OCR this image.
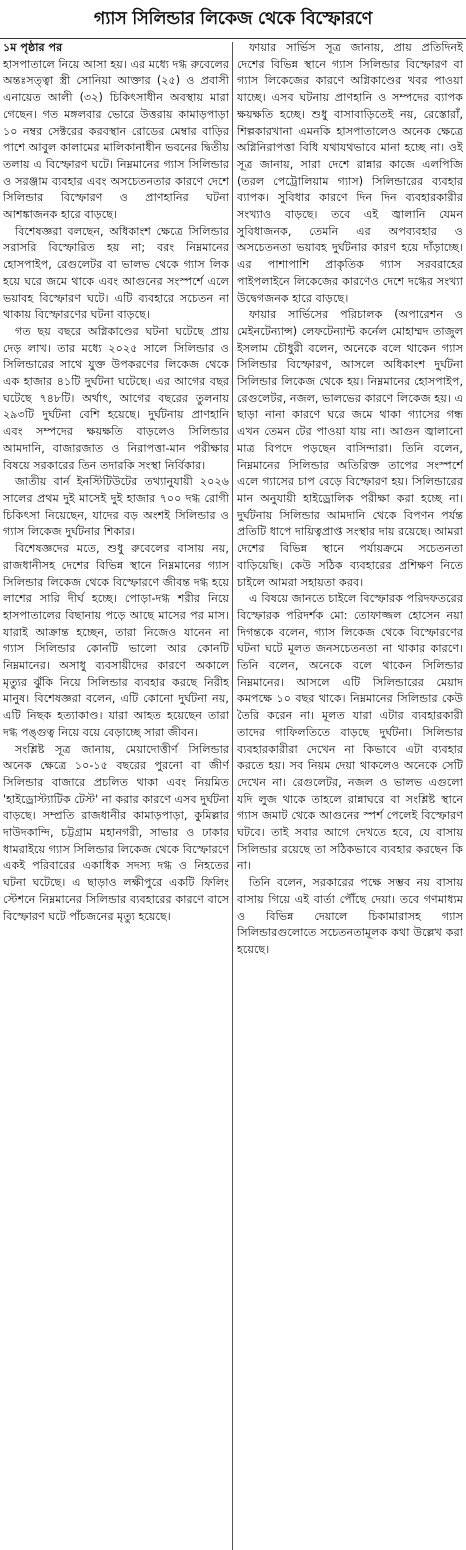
গ্যাস সিলিন্ডার লিকেজ থেকে বিস্ফোরণে

১ম পৃষ্ঠার পর

হাসপাতালে নিয়ে আসা হয়। এর মধ্যে দগ্ধ রুবেলের অন্তঃসত্ত্বা স্ত্রী সোনিয়া আক্তার (২৫) ও প্রবাসী এনায়েত আলী (৩২) চিকিৎসাধীন অবস্থায় মারা গেছেন। গত মঙ্গলবার ভোরে উত্তরায় কামাড়পাড়া ১০ নম্বর সেক্টরের করবস্থান রোডের মেম্বার বাড়ির পাশে আবুল কালামের মালিকানাধীন ভবনের দ্বিতীয় তলায় এ বিস্ফোরণ ঘটে। নিম্নমানের গ্যাস সিলিন্ডার ও সরঞ্জাম ব্যবহার এবং অসচেতনতার কারণে দেশে সিলিন্ডার বিস্ফোরণ ও প্রাণহানির ঘটনা আশঙ্কাজনক হারে বাড়ছে।

বিশেষজ্ঞরা বলছেন, অধিকাংশ ক্ষেত্রে সিলিন্ডার সরাসরি বিস্ফোরিত হয় না; বরং নিম্নমানের হোসপাইপ, রেগুলেটর বা ভালভ থেকে গ্যাস লিক হয়ে ঘরে জমে থাকে এবং আগুনের সংস্পর্শে এলে ভয়াবহ বিস্ফোরণ ঘটে। এটি ব্যবহারে সচেতন না থাকায় বিস্ফোরণের ঘটনা বাড়ছে।

গত ছয় বছরে অগ্নিকাণ্ডের ঘটনা ঘটেছে প্রায় দেড় লাখ। তার মধ্যে ২০২৫ সালে সিলিন্ডার ও সিলিন্ডারের সাথে যুক্ত উপকরণের লিকেজ থেকে এক হাজার ৪১টি দুর্ঘটনা ঘটেছে। এর আগের বছর ঘটেছে ৭৪৮টি। অর্থাৎ, আগের বছরের তুলনায় ২৯৩টি দুর্ঘটনা বেশি হয়েছে। দুর্ঘটনায় প্রাণহানি এবং সম্পদের ক্ষয়ক্ষতি বাড়লেও সিলিন্ডার আমদানি, বাজারজাত ও নিরাপত্তা-মান পরীক্ষার বিষয়ে সরকারের তিন তদারকি সংস্থা নির্বিকার।

জাতীয় বার্ন ইনস্টিটিউটের তথ্যানুযায়ী ২০২৬ সালের প্রথম দুই মাসেই দুই হাজার ৭০০ দগ্ধ রোগী চিকিৎসা নিয়েছেন, যাদের বড় অংশই সিলিন্ডার ও গ্যাস লিকেজ দুর্ঘটনার শিকার।

বিশেষজ্ঞদের মতে, শুধু রুবেলের বাসায় নয়, রাজধানীসহ দেশের বিভিন্ন স্থানে নিম্নমানের গ্যাস সিলিন্ডার লিকেজ থেকে বিস্ফোরণে জীবন্ত দগ্ধ হয়ে লাশের সারি দীর্ঘ হচ্ছে। পোড়া-দগ্ধ শরীর নিয়ে হাসপাতালের বিছানায় পড়ে আছে মাসের পর মাস। যারাই আক্রান্ত হচ্ছেন, তারা নিজেও যানেন না গ্যাস সিলিন্ডার কোনটি ভালো আর কোনটি নিম্নমানের। অসাধু ব্যবসায়ীদের কারণে অকালে মৃত্যুর ঝুঁকি নিয়ে সিলিন্ডার ব্যবহার করছে নিরীহ মানুষ। বিশেষজ্ঞরা বলেন, এটি কোনো দুর্ঘটনা নয়, এটি নিছক হত্যাকাণ্ড। যারা আহত হয়েছেন তারা দগ্ধ পঙ্গুত্ব নিয়ে বয়ে বেড়াচ্ছে সারা জীবন।

সংশ্লিষ্ট সূত্র জানায়, মেয়াদোত্তীর্ণ সিলিন্ডার অনেক ক্ষেত্রে ১০-১৫ বছরের পুরনো বা জীর্ণ সিলিন্ডার বাজারে প্রচলিত থাকা এবং নিয়মিত 'হাইড্রোস্ট্যাটিক টেস্ট' না করার কারণে এসব দুর্ঘটনা বাড়ছে। সম্প্রতি রাজধানীর কামাড়পাড়া, কুমিল্লার দাউদকান্দি, চট্টগ্রাম মহানগরী, সাভার ও ঢাকার ধামরাইয়ে গ্যাস সিলিন্ডার লিকেজ থেকে বিস্ফোরণে একই পরিবারের একাধিক সদস্য দগ্ধ ও নিহতের ঘটনা ঘটেছে। এ ছাড়াও লক্ষীপুরে একটি ফিলিং স্টেশনে নিম্নমানের সিলিন্ডার ব্যবহারের কারণে বাসে বিস্ফোরণ ঘটে পাঁচজনের মৃত্যু হয়েছে।

ফায়ার সার্ভিস সূত্র জানায়, প্রায় প্রতিদিনই দেশের বিভিন্ন স্থানে গ্যাস সিলিন্ডার বিস্ফোরণ বা গ্যাস লিকেজের কারণে অগ্নিকাণ্ডের খবর পাওয়া যাচ্ছে। এসব ঘটনায় প্রাণহানি ও সম্পদের ব্যাপক ক্ষয়ক্ষতি হচ্ছে। শুধু বাসাবাড়িতেই নয়, রেস্তোরাঁ, শিল্পকারখানা এমনকি হাসপাতালেও অনেক ক্ষেত্রে অগ্নিনিরাপত্তা বিধি যথাযথভাবে মানা হচ্ছে না। ওই সূত্র জানায়, সারা দেশে রান্নার কাজে এলপিজি (তরল পেট্রোলিয়াম গ্যাস) সিলিন্ডারের ব্যবহার ব্যাপক। সুবিধার কারণে দিন দিন ব্যবহারকারীর সংখ্যাও বাড়ছে। তবে এই জ্বালানি যেমন সুবিধাজনক, তেমনি এর অপব্যবহার ও অসচেতনতা ভয়াবহ দুর্ঘটনার কারণ হয়ে দাঁড়াচ্ছে। এর পাশাপাশি প্রাকৃতিক গ্যাস সরবরাহের পাইপলাইনে লিকেজের কারণেও দেশে দগ্ধের সংখ্যা উদ্বেগজনক হারে বাড়ছে।

ফায়ার সার্ভিসের পরিচালক (অপারেশন ও মেইনটেন্যান্স) লেফটেন্যান্ট কর্নেল মোহাম্মদ তাজুল ইসলাম চৌধুরী বলেন, অনেকে বলে থাকেন গ্যাস সিলিন্ডার বিস্ফোরণ, আসলে অধিকাংশ দুর্ঘটনা সিলিন্ডার লিকেজ থেকে হয়। নিম্নমানের হোসপাইপ, রেগুলেটর, নজল, ভালভের কারণে লিকেজ হয়। এ ছাড়া নানা কারণে ঘরে জমে থাকা গ্যাসের গন্ধ এখন তেমন টের পাওয়া যায় না। আগুন জ্বালানো মাত্র বিপদে পড়ছেন বাসিন্দারা। তিনি বলেন, নিম্নমানের সিলিন্ডার অতিরিক্ত তাপের সংস্পর্শে এলে গ্যাসের চাপ বেড়ে বিস্ফোরণ হয়। সিলিন্ডারের মান অনুযায়ী হাইড্রোলিক পরীক্ষা করা হচ্ছে না। দুর্ঘটনায় সিলিন্ডার আমদানি থেকে বিপণন পর্যন্ত প্রতিটি ধাপে দায়িত্বপ্রাপ্ত সংস্থার দায় রয়েছে। আমরা দেশের বিভিন্ন স্থানে পর্যায়ক্রমে সচেতনতা বাড়িয়েছি। কেউ সঠিক ব্যবহারের প্রশিক্ষণ নিতে চাইলে আমরা সহায়তা করব।

এ বিষয়ে জানতে চাইলে বিস্ফোরক পরিদফতরের বিস্ফোরক পরিদর্শক মো: তোফাজ্জল হোসেন নয়া দিগন্তকে বলেন, গ্যাস লিকেজ থেকে বিস্ফোরণের ঘটনা ঘটে মূলত জনসচেতনতা না থাকার কারণে। তিনি বলেন, অনেকে বলে থাকেন সিলিন্ডার নিম্নমানের। আসলে এটি সিলিন্ডারের মেয়াদ কমপক্ষে ১০ বছর থাকে। নিম্নমানের সিলিন্ডার কেউ তৈরি করেন না। মূলত যারা এটার ব্যবহারকারী তাদের গাফিলতিতে বাড়ছে দুর্ঘটনা। সিলিন্ডার ব্যবহারকারীরা দেখেন না কিভাবে এটা ব্যবহার করতে হয়। সব নিয়ম দেয়া থাকলেও অনেকে সেটি দেখেন না। রেগুলেটর, নজল ও ভালভ এগুলো যদি লুজ থাকে তাহলে রান্নাঘরে বা সংশ্লিষ্ট স্থানে গ্যাস জমাট থেকে আগুনের স্পর্শ পেলেই বিস্ফোরণ ঘটবে। তাই সবার আগে দেখতে হবে, যে বাসায় সিলিন্ডার রয়েছে তা সঠিকভাবে ব্যবহার করছেন কি না।

তিনি বলেন, সরকারের পক্ষে সম্ভব নয় বাসায় বাসায় গিয়ে এই বার্তা পৌঁছে দেয়া। তবে গণমাধ্যম ও বিভিন্ন দেয়ালে চিকামারাসহ গ্যাস সিলিন্ডারগুলোতে সচেতনতামূলক কথা উল্লেখ করা হয়েছে।
